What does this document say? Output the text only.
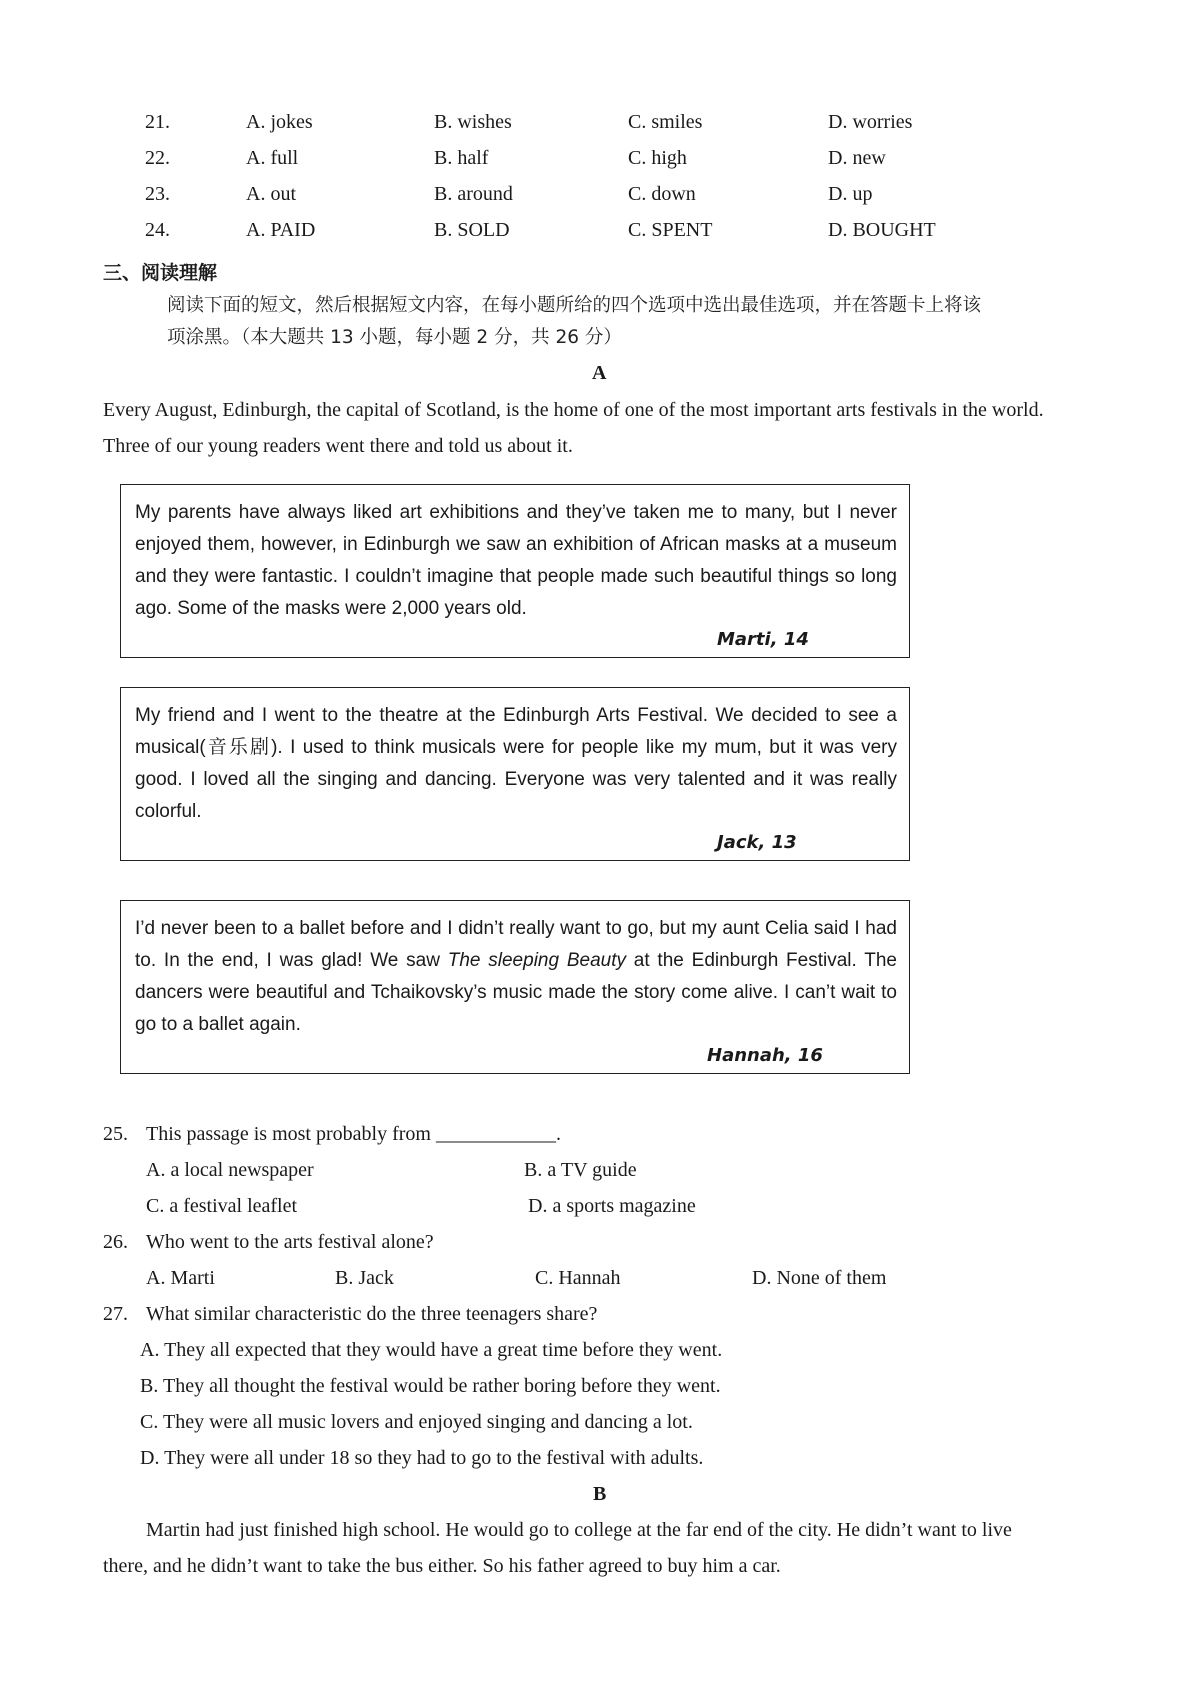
21.	A. jokes	B. wishes	C. smiles	D. worries
22.	A. full	B. half	C. high	D. new
23.	A. out	B. around	C. down	D. up
24.	A. PAID	B. SOLD	C. SPENT	D. BOUGHT
三、阅读理解
阅读下面的短文，然后根据短文内容，在每小题所给的四个选项中选出最佳选项，并在答题卡上将该
项涂黑。（本大题共 13 小题，每小题 2 分，共 26 分）
A
Every August, Edinburgh, the capital of Scotland, is the home of one of the most important arts festivals in the world.
Three of our young readers went there and told us about it.
My parents have always liked art exhibitions and they’ve taken me to many, but I never enjoyed them, however, in Edinburgh we saw an exhibition of African masks at a museum and they were fantastic. I couldn’t imagine that people made such beautiful things so long ago. Some of the masks were 2,000 years old.
Marti, 14
My friend and I went to the theatre at the Edinburgh Arts Festival. We decided to see a musical(音乐剧). I used to think musicals were for people like my mum, but it was very good. I loved all the singing and dancing. Everyone was very talented and it was really colorful.
Jack, 13
I’d never been to a ballet before and I didn’t really want to go, but my aunt Celia said I had to. In the end, I was glad! We saw The sleeping Beauty at the Edinburgh Festival. The dancers were beautiful and Tchaikovsky’s music made the story come alive. I can’t wait to go to a ballet again.
Hannah, 16
25. This passage is most probably from ____________.
A. a local newspaper	B. a TV guide
C. a festival leaflet	D. a sports magazine
26. Who went to the arts festival alone?
A. Marti	B. Jack	C. Hannah	D. None of them
27. What similar characteristic do the three teenagers share?
A. They all expected that they would have a great time before they went.
B. They all thought the festival would be rather boring before they went.
C. They were all music lovers and enjoyed singing and dancing a lot.
D. They were all under 18 so they had to go to the festival with adults.
B
Martin had just finished high school. He would go to college at the far end of the city. He didn’t want to live
there, and he didn’t want to take the bus either. So his father agreed to buy him a car.
